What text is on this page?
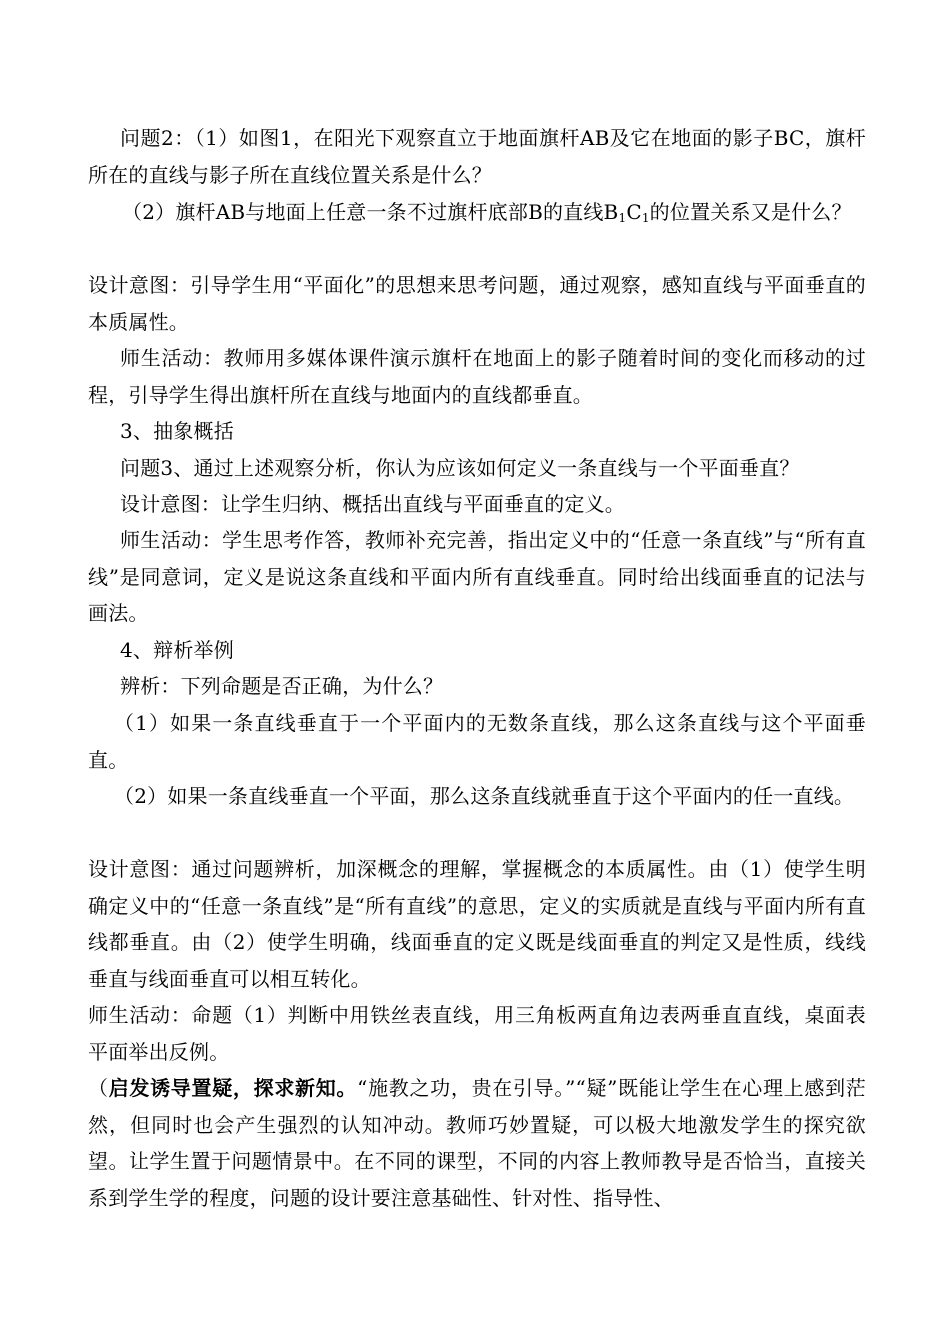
问题2：（1）如图1，在阳光下观察直立于地面旗杆AB及它在地面的影子BC，旗杆所在的直线与影子所在直线位置关系是什么？

（2）旗杆AB与地面上任意一条不过旗杆底部B的直线$B_1C_1$的位置关系又是什么？

设计意图：引导学生用“平面化”的思想来思考问题，通过观察，感知直线与平面垂直的本质属性。

师生活动：教师用多媒体课件演示旗杆在地面上的影子随着时间的变化而移动的过程，引导学生得出旗杆所在直线与地面内的直线都垂直。

3、抽象概括

问题3、通过上述观察分析，你认为应该如何定义一条直线与一个平面垂直？

设计意图：让学生归纳、概括出直线与平面垂直的定义。

师生活动：学生思考作答，教师补充完善，指出定义中的“任意一条直线”与“所有直线”是同意词，定义是说这条直线和平面内所有直线垂直。同时给出线面垂直的记法与画法。

4、辩析举例

辨析：下列命题是否正确，为什么？

（1）如果一条直线垂直于一个平面内的无数条直线，那么这条直线与这个平面垂直。

（2）如果一条直线垂直一个平面，那么这条直线就垂直于这个平面内的任一直线。

设计意图：通过问题辨析，加深概念的理解，掌握概念的本质属性。由（1）使学生明确定义中的“任意一条直线”是“所有直线”的意思，定义的实质就是直线与平面内所有直线都垂直。由（2）使学生明确，线面垂直的定义既是线面垂直的判定又是性质，线线垂直与线面垂直可以相互转化。

师生活动：命题（1）判断中用铁丝表直线，用三角板两直角边表两垂直直线，桌面表平面举出反例。

（启发诱导置疑，探求新知。“施教之功，贵在引导。”“疑”既能让学生在心理上感到茫然，但同时也会产生强烈的认知冲动。教师巧妙置疑，可以极大地激发学生的探究欲望。让学生置于问题情景中。在不同的课型，不同的内容上教师教导是否恰当，直接关系到学生学的程度，问题的设计要注意基础性、针对性、指导性、
